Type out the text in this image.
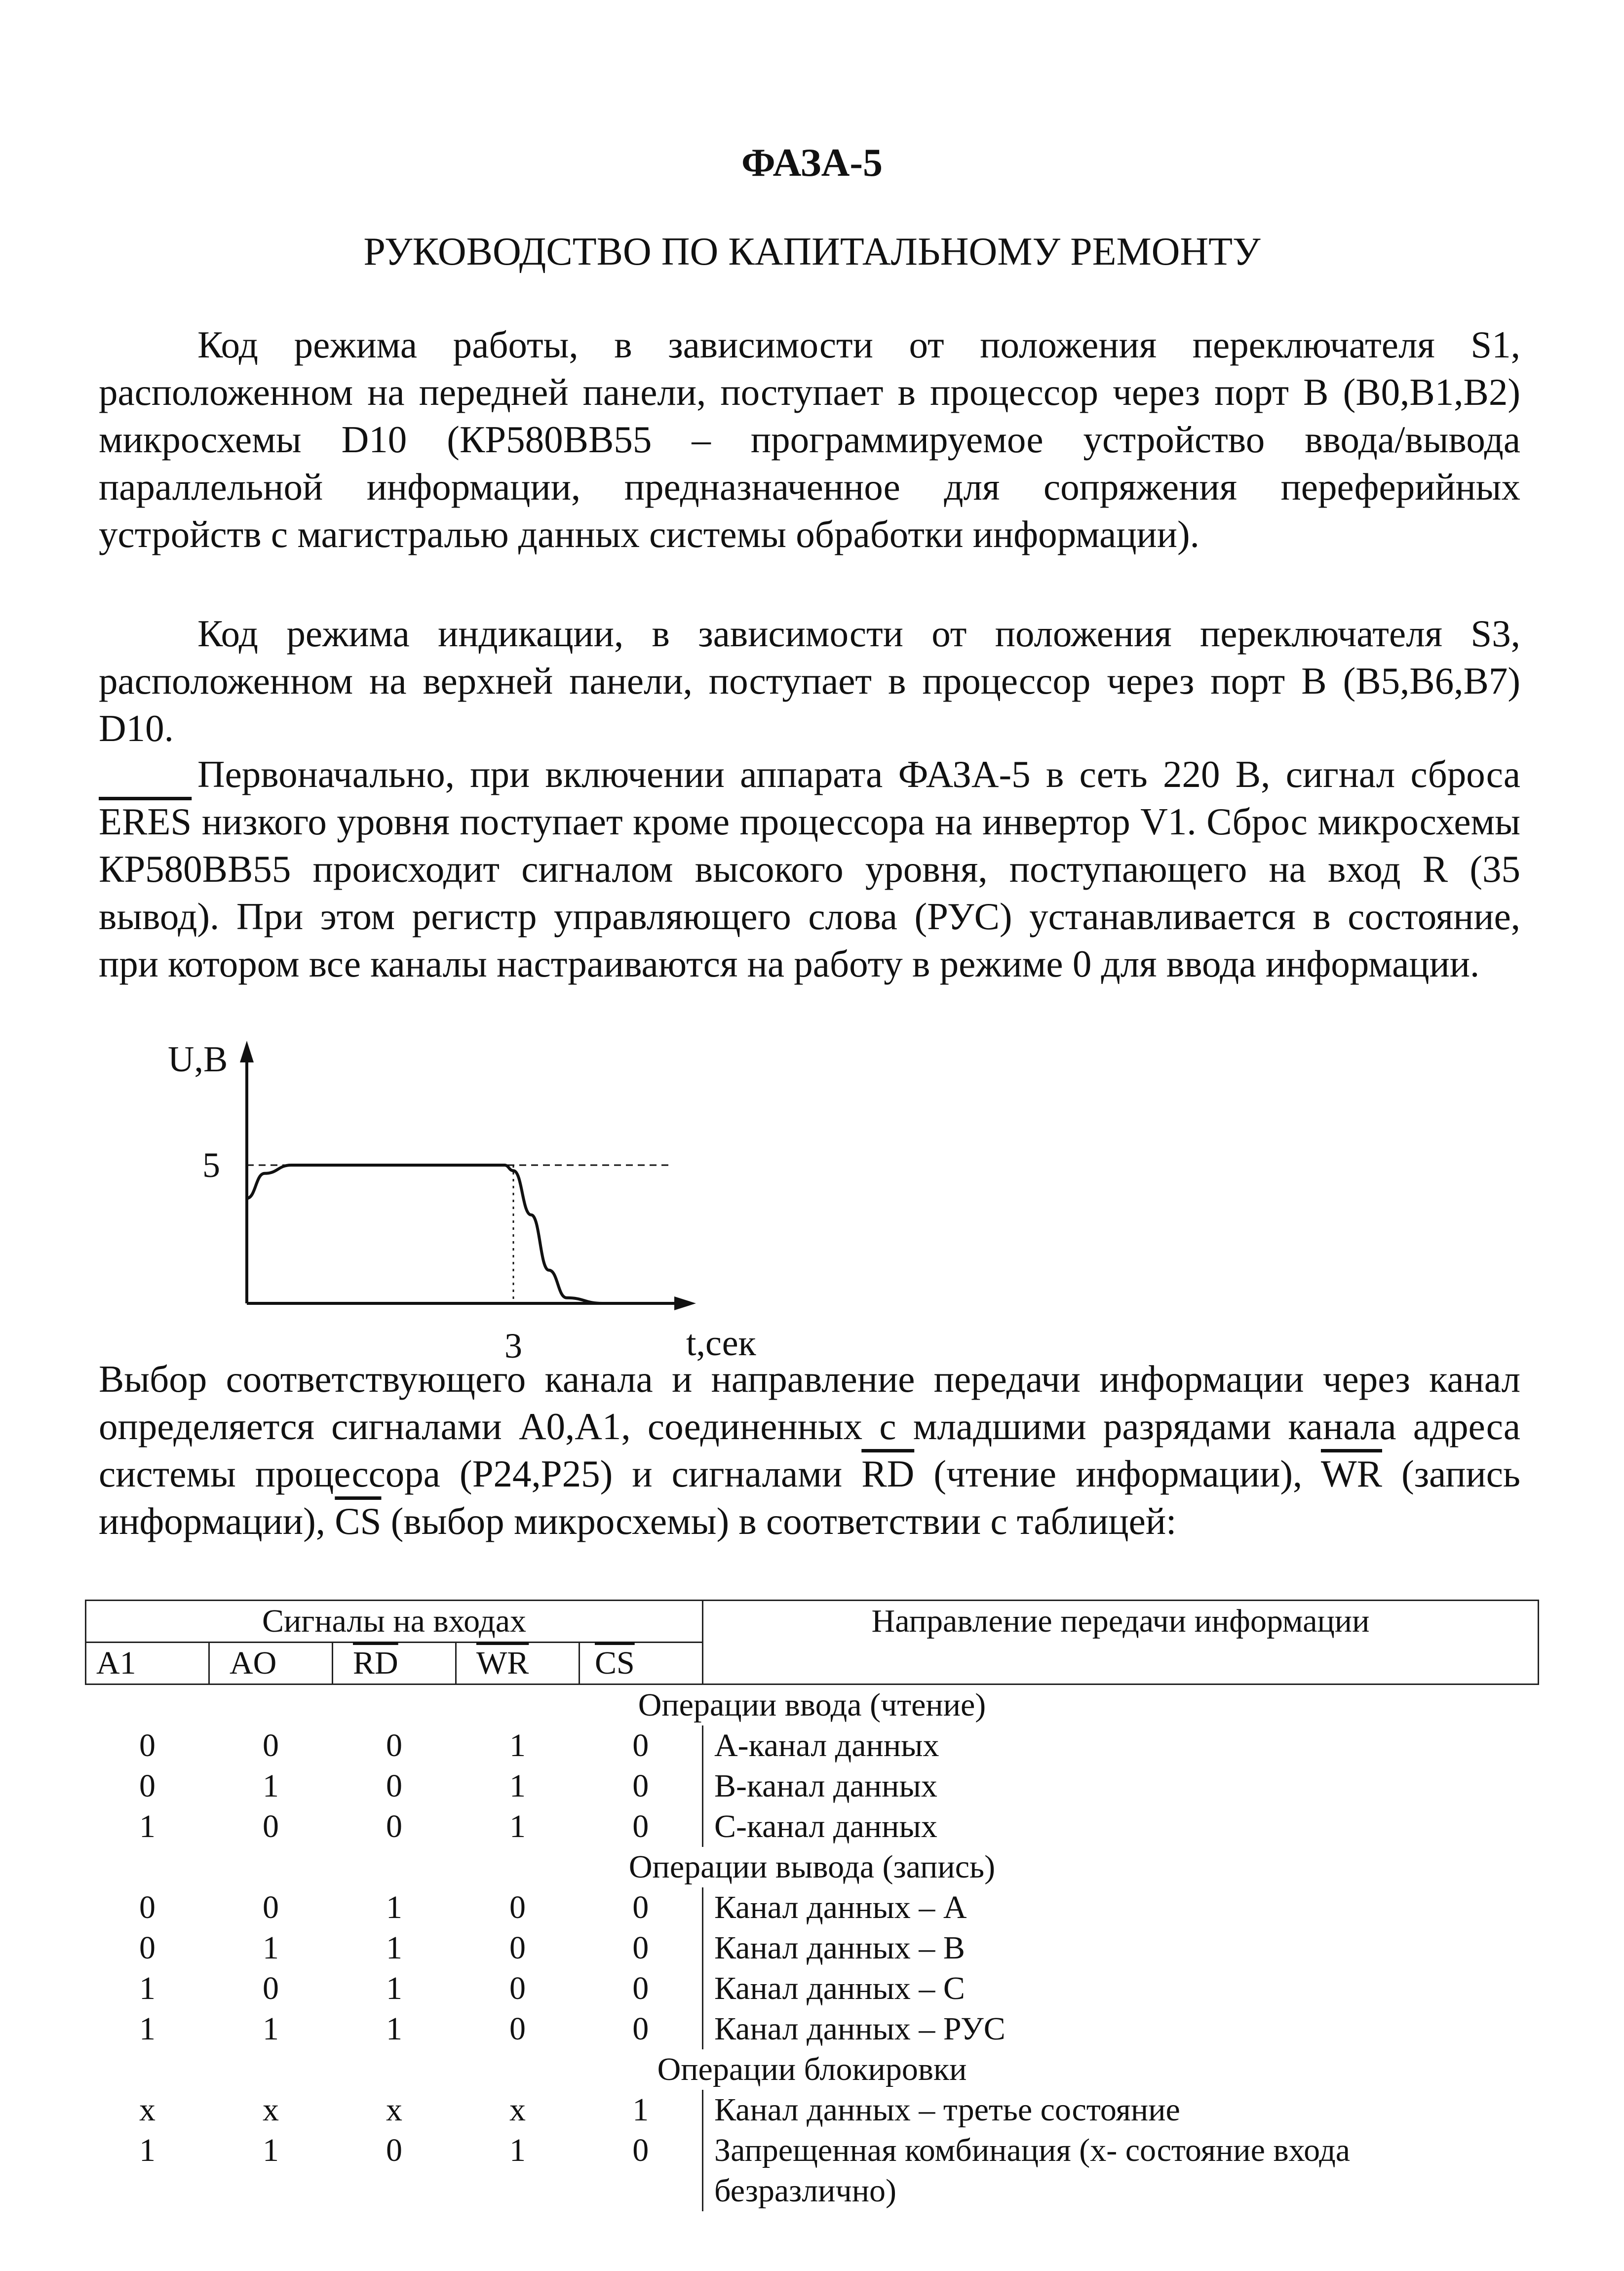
ФАЗА-5
РУКОВОДСТВО ПО КАПИТАЛЬНОМУ РЕМОНТУ

Код режима работы, в зависимости от положения переключателя S1, расположенном на передней панели, поступает в процессор через порт B (B0,B1,B2) микросхемы D10 (КР580ВВ55 – программируемое устройство ввода/вывода параллельной информации, предназначенное для сопряжения переферийных устройств с магистралью данных системы обработки информации).

Код режима индикации, в зависимости от положения переключателя S3, расположенном на верхней панели, поступает в процессор через порт B (B5,B6,B7) D10.

Первоначально, при включении аппарата ФАЗА-5 в сеть 220 В, сигнал сброса ERES низкого уровня поступает кроме процессора на инвертор V1. Сброс микросхемы КР580ВВ55 происходит сигналом высокого уровня, поступающего на вход R (35 вывод). При этом регистр управляющего слова (РУС) устанавливается в состояние, при котором все каналы настраиваются на работу в режиме 0 для ввода информации.

U,В
5
3	t,сек

Выбор соответствующего канала и направление передачи информации через канал определяется сигналами A0,A1, соединенных с младшими разрядами канала адреса системы процессора (P24,P25) и сигналами $\overline{RD}$ (чтение информации), $\overline{WR}$ (запись информации), $\overline{CS}$ (выбор микросхемы) в соответствии с таблицей:

Сигналы на входах					Направление передачи информации
A1	AO	$\overline{RD}$	$\overline{WR}$	$\overline{CS}$
Операции ввода (чтение)					
0	0	0	1	0	А-канал данных
0	1	0	1	0	В-канал данных
1	0	0	1	0	С-канал данных
Операции вывода (запись)					
0	0	1	0	0	Канал данных – А
0	1	1	0	0	Канал данных – В
1	0	1	0	0	Канал данных – С
1	1	1	0	0	Канал данных – РУС
Операции блокировки					
x	x	x	x	1	Канал данных – третье состояние
1	1	0	1	0	Запрещенная комбинация (х- состояние входа безразлично)
